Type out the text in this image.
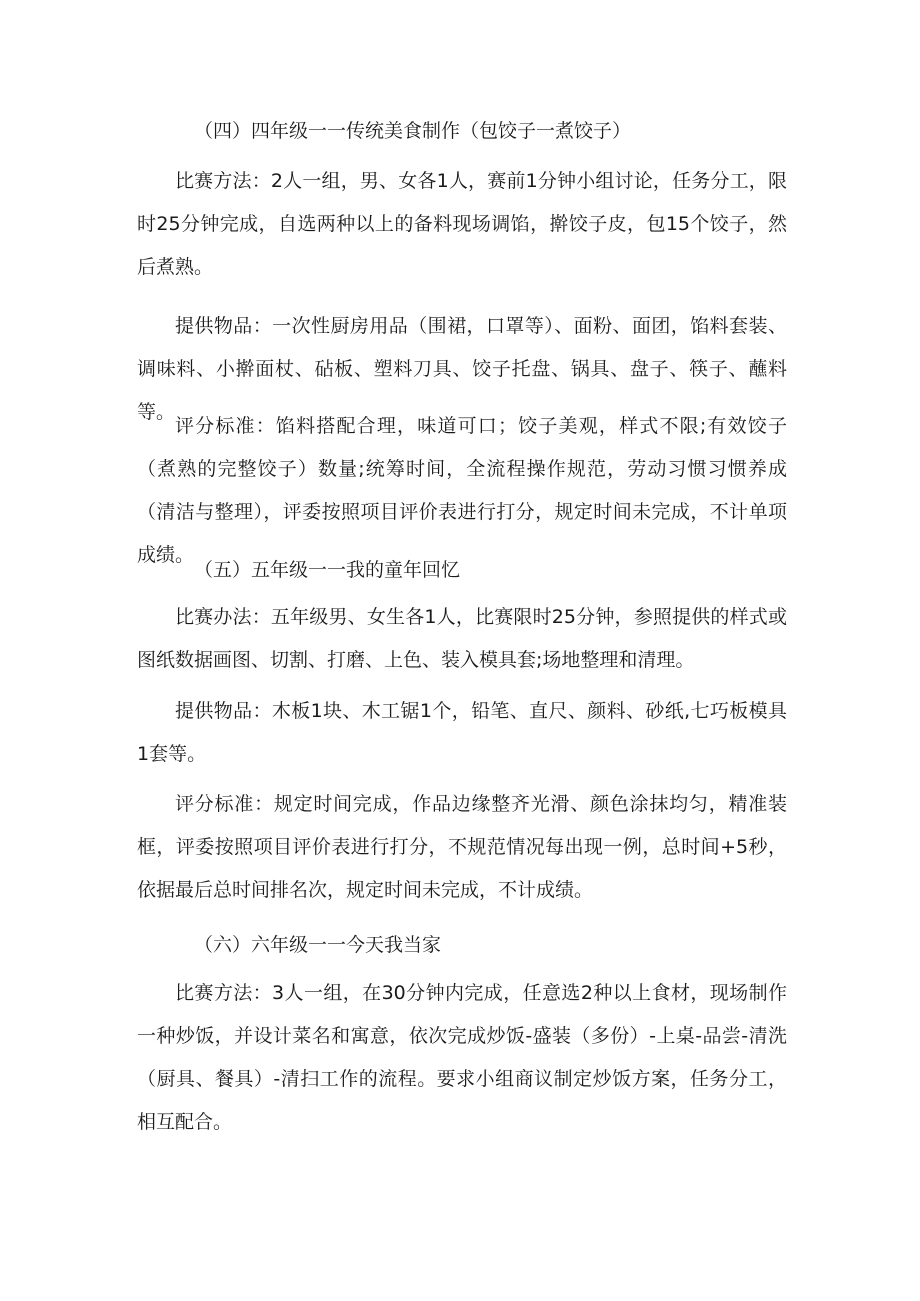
（四）四年级一一传统美食制作（包饺子一煮饺子）

比赛方法：2人一组，男、女各1人，赛前1分钟小组讨论，任务分工，限时25分钟完成，自选两种以上的备料现场调馅，擀饺子皮，包15个饺子，然后煮熟。

提供物品：一次性厨房用品（围裙，口罩等）、面粉、面团，馅料套装、调味料、小擀面杖、砧板、塑料刀具、饺子托盘、锅具、盘子、筷子、蘸料等。

评分标准：馅料搭配合理，味道可口；饺子美观，样式不限;有效饺子（煮熟的完整饺子）数量;统筹时间，全流程操作规范，劳动习惯习惯养成（清洁与整理），评委按照项目评价表进行打分，规定时间未完成，不计单项成绩。

（五）五年级一一我的童年回忆

比赛办法：五年级男、女生各1人，比赛限时25分钟，参照提供的样式或图纸数据画图、切割、打磨、上色、装入模具套;场地整理和清理。

提供物品：木板1块、木工锯1个，铅笔、直尺、颜料、砂纸,七巧板模具1套等。

评分标准：规定时间完成，作品边缘整齐光滑、颜色涂抹均匀，精准装框，评委按照项目评价表进行打分，不规范情况每出现一例，总时间+5秒，依据最后总时间排名次，规定时间未完成，不计成绩。

（六）六年级一一今天我当家

比赛方法：3人一组，在30分钟内完成，任意选2种以上食材，现场制作一种炒饭，并设计菜名和寓意，依次完成炒饭-盛装（多份）-上桌-品尝-清洗（厨具、餐具）-清扫工作的流程。要求小组商议制定炒饭方案，任务分工，相互配合。
